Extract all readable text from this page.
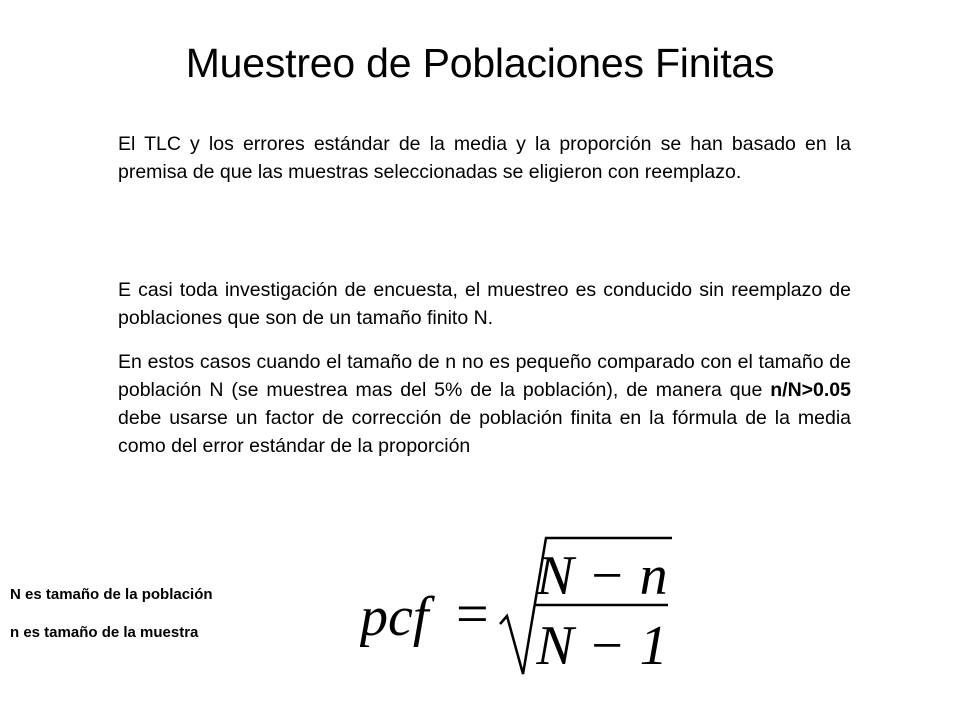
Muestreo de Poblaciones Finitas

El TLC y los errores estándar de la media y la proporción se han basado en la premisa de que las muestras seleccionadas se eligieron con reemplazo.

E casi toda investigación de encuesta, el muestreo es conducido sin reemplazo de poblaciones que son de un tamaño finito N.

En estos casos cuando el tamaño de n no es pequeño comparado con el tamaño de población N (se muestrea mas del 5% de la población), de manera que n/N>0.05 debe usarse un factor de corrección de población finita en la fórmula de la media como del error estándar de la proporción

N es tamaño de la población
n es tamaño de la muestra	pcf =
N − n
N − 1
